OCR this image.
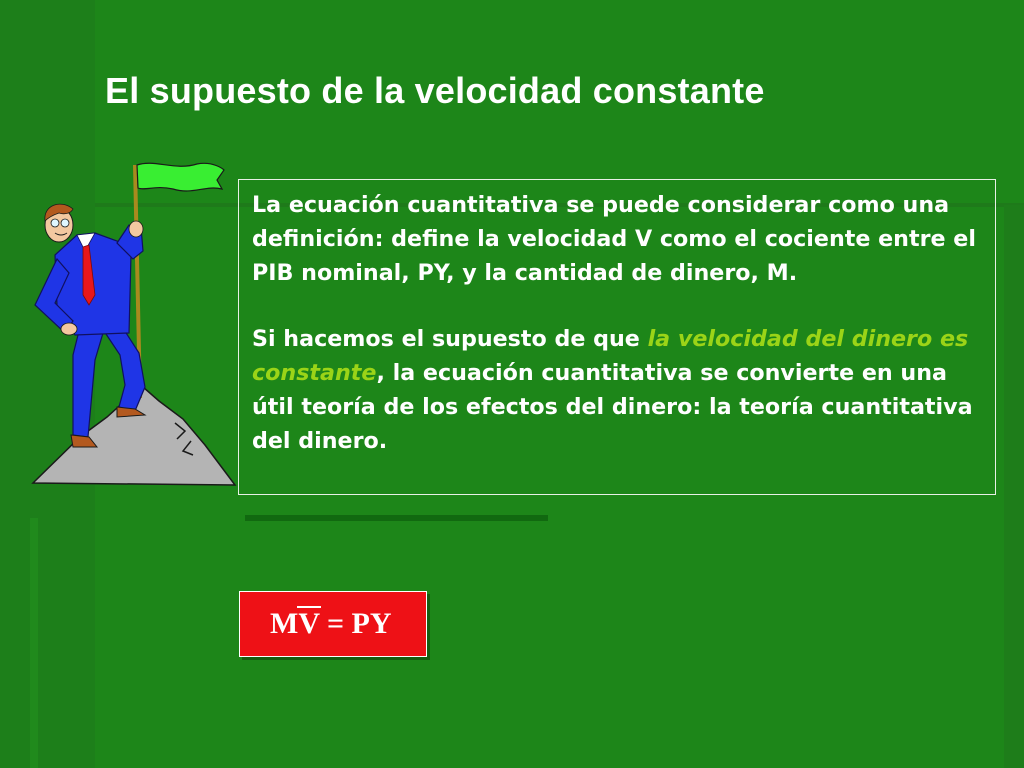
El supuesto de la velocidad constante

La ecuación cuantitativa se puede considerar como una definición: define la velocidad V como el cociente entre el PIB nominal, PY, y la cantidad de dinero, M.

Si hacemos el supuesto de que la velocidad del dinero es constante, la ecuación cuantitativa se convierte en una útil teoría de los efectos del dinero: la teoría cuantitativa del dinero.

MV = PY
